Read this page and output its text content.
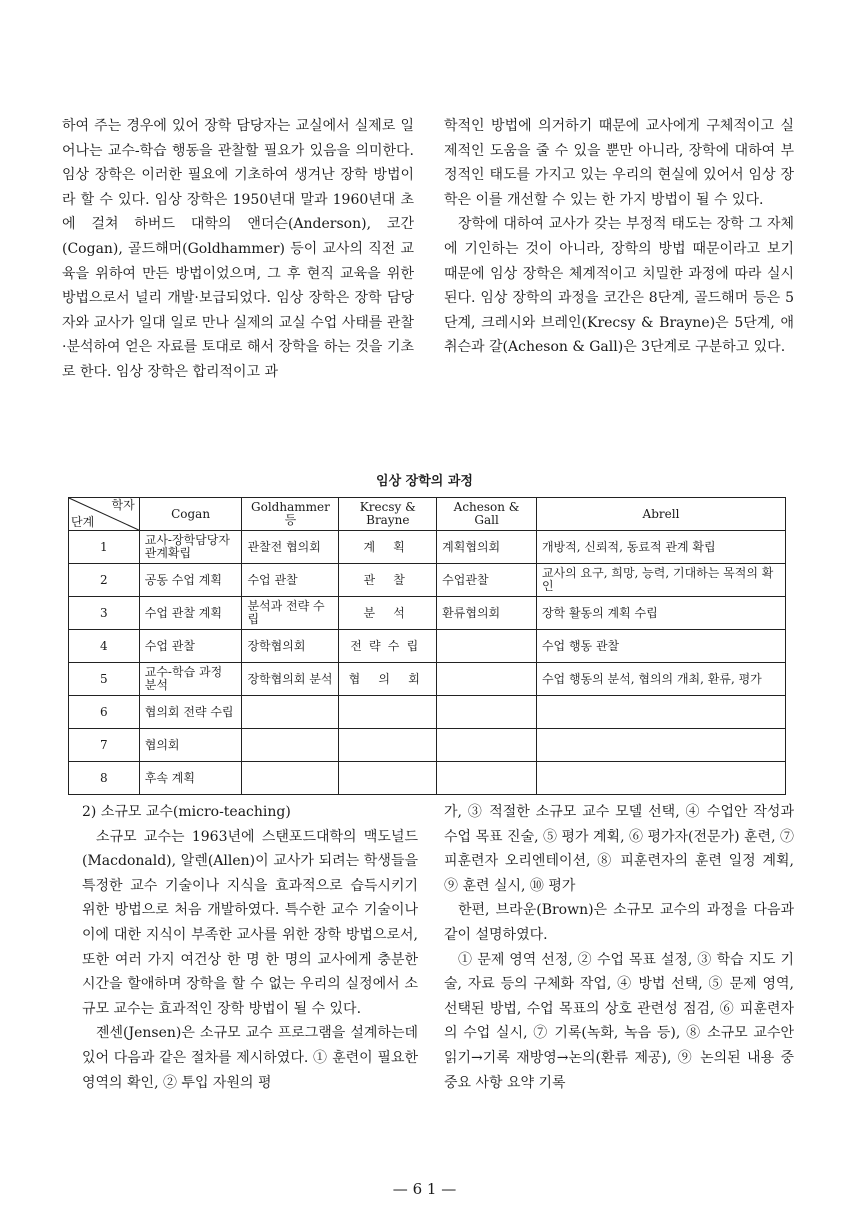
하여 주는 경우에 있어 장학 담당자는 교실에서 실제로 일어나는 교수-학습 행동을 관찰할 필요가 있음을 의미한다. 임상 장학은 이러한 필요에 기초하여 생겨난 장학 방법이라 할 수 있다. 임상 장학은 1950년대 말과 1960년대 초에 걸쳐 하버드 대학의 앤더슨(Anderson), 코간(Cogan), 골드해머(Goldhammer) 등이 교사의 직전 교육을 위하여 만든 방법이었으며, 그 후 현직 교육을 위한 방법으로서 널리 개발·보급되었다. 임상 장학은 장학 담당자와 교사가 일대 일로 만나 실제의 교실 수업 사태를 관찰·분석하여 얻은 자료를 토대로 해서 장학을 하는 것을 기초로 한다. 임상 장학은 합리적이고 과

학적인 방법에 의거하기 때문에 교사에게 구체적이고 실제적인 도움을 줄 수 있을 뿐만 아니라, 장학에 대하여 부정적인 태도를 가지고 있는 우리의 현실에 있어서 임상 장학은 이를 개선할 수 있는 한 가지 방법이 될 수 있다.

장학에 대하여 교사가 갖는 부정적 태도는 장학 그 자체에 기인하는 것이 아니라, 장학의 방법 때문이라고 보기 때문에 임상 장학은 체계적이고 치밀한 과정에 따라 실시된다. 임상 장학의 과정을 코간은 8단계, 골드해머 등은 5단계, 크레시와 브레인(Krecsy & Brayne)은 5단계, 애취슨과 갈(Acheson & Gall)은 3단계로 구분하고 있다.

임상 장학의 과정
학자
단계	Cogan	Goldhammer 등	Krecsy & Brayne	Acheson & Gall	Abrell
1	교사-장학담당자관계확립	관찰전 협의회	계 획	계획협의회	개방적, 신뢰적, 동료적 관계 확립
2	공동 수업 계획	수업 관찰	관 찰	수업관찰	교사의 요구, 희망, 능력, 기대하는 목적의 확인
3	수업 관찰 계획	분석과 전략 수립	분 석	환류협의회	장학 활동의 계획 수립
4	수업 관찰	장학협의회	전략수립		수업 행동 관찰
5	교수-학습 과정 분석	장학협의회 분석	협 의 회		수업 행동의 분석, 협의의 개최, 환류, 평가
6	협의회 전략 수립				
7	협의회				
8	후속 계획				

2) 소규모 교수(micro-teaching)

소규모 교수는 1963년에 스탠포드대학의 맥도널드(Macdonald), 알렌(Allen)이 교사가 되려는 학생들을 특정한 교수 기술이나 지식을 효과적으로 습득시키기 위한 방법으로 처음 개발하였다. 특수한 교수 기술이나 이에 대한 지식이 부족한 교사를 위한 장학 방법으로서, 또한 여러 가지 여건상 한 명 한 명의 교사에게 충분한 시간을 할애하며 장학을 할 수 없는 우리의 실정에서 소규모 교수는 효과적인 장학 방법이 될 수 있다.

젠센(Jensen)은 소규모 교수 프로그램을 설계하는데 있어 다음과 같은 절차를 제시하였다. ① 훈련이 필요한 영역의 확인, ② 투입 자원의 평

가, ③ 적절한 소규모 교수 모델 선택, ④ 수업안 작성과 수업 목표 진술, ⑤ 평가 계획, ⑥ 평가자(전문가) 훈련, ⑦ 피훈련자 오리엔테이션, ⑧ 피훈련자의 훈련 일정 계획, ⑨ 훈련 실시, ⑩ 평가

한편, 브라운(Brown)은 소규모 교수의 과정을 다음과 같이 설명하였다.

① 문제 영역 선정, ② 수업 목표 설정, ③ 학습 지도 기술, 자료 등의 구체화 작업, ④ 방법 선택, ⑤ 문제 영역, 선택된 방법, 수업 목표의 상호 관련성 점검, ⑥ 피훈련자의 수업 실시, ⑦ 기록(녹화, 녹음 등), ⑧ 소규모 교수안 읽기→기록 재방영→논의(환류 제공), ⑨ 논의된 내용 중 중요 사항 요약 기록

— 6 1 —
